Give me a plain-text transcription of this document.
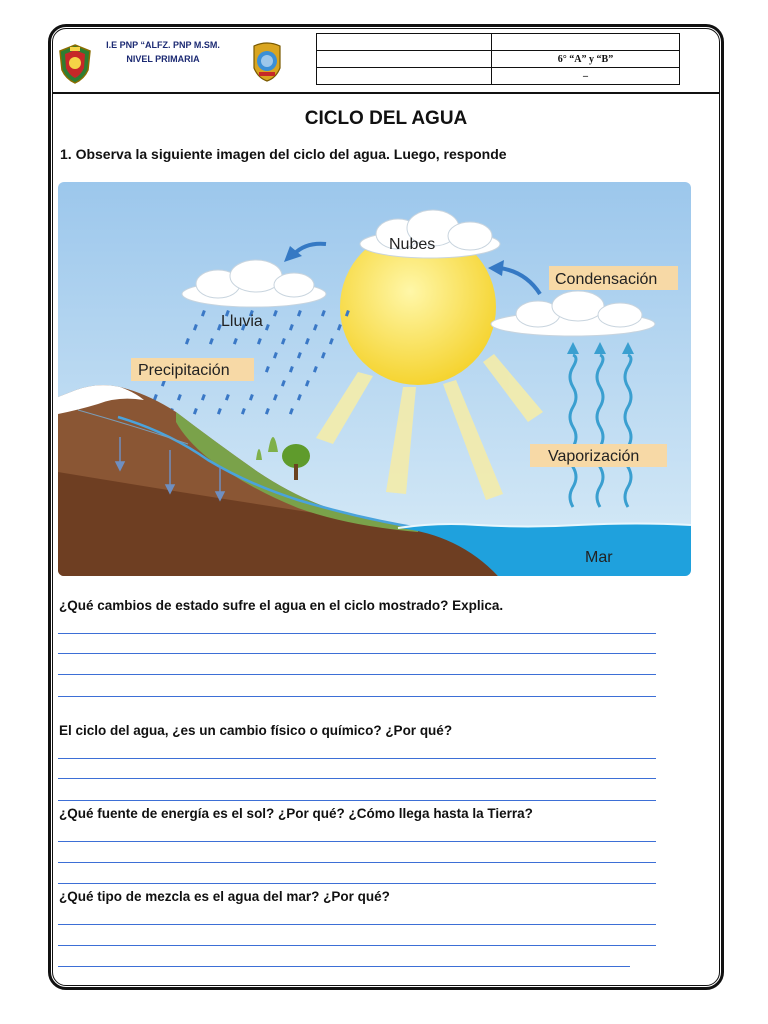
I.E PNP “ALFZ. PNP M.SM.
NIVEL PRIMARIA

		6° “A” y “B”
	–
CICLO DEL AGUA
1. Observa la siguiente imagen del ciclo del agua. Luego, responde
Nubes
Condensación
Lluvia
Precipitación
Vaporización
Mar
¿Qué cambios de estado sufre el agua en el ciclo mostrado? Explica.
El ciclo del agua, ¿es un cambio físico o químico? ¿Por qué?
¿Qué fuente de energía es el sol? ¿Por qué? ¿Cómo llega hasta la Tierra?
¿Qué tipo de mezcla es el agua del mar? ¿Por qué?
